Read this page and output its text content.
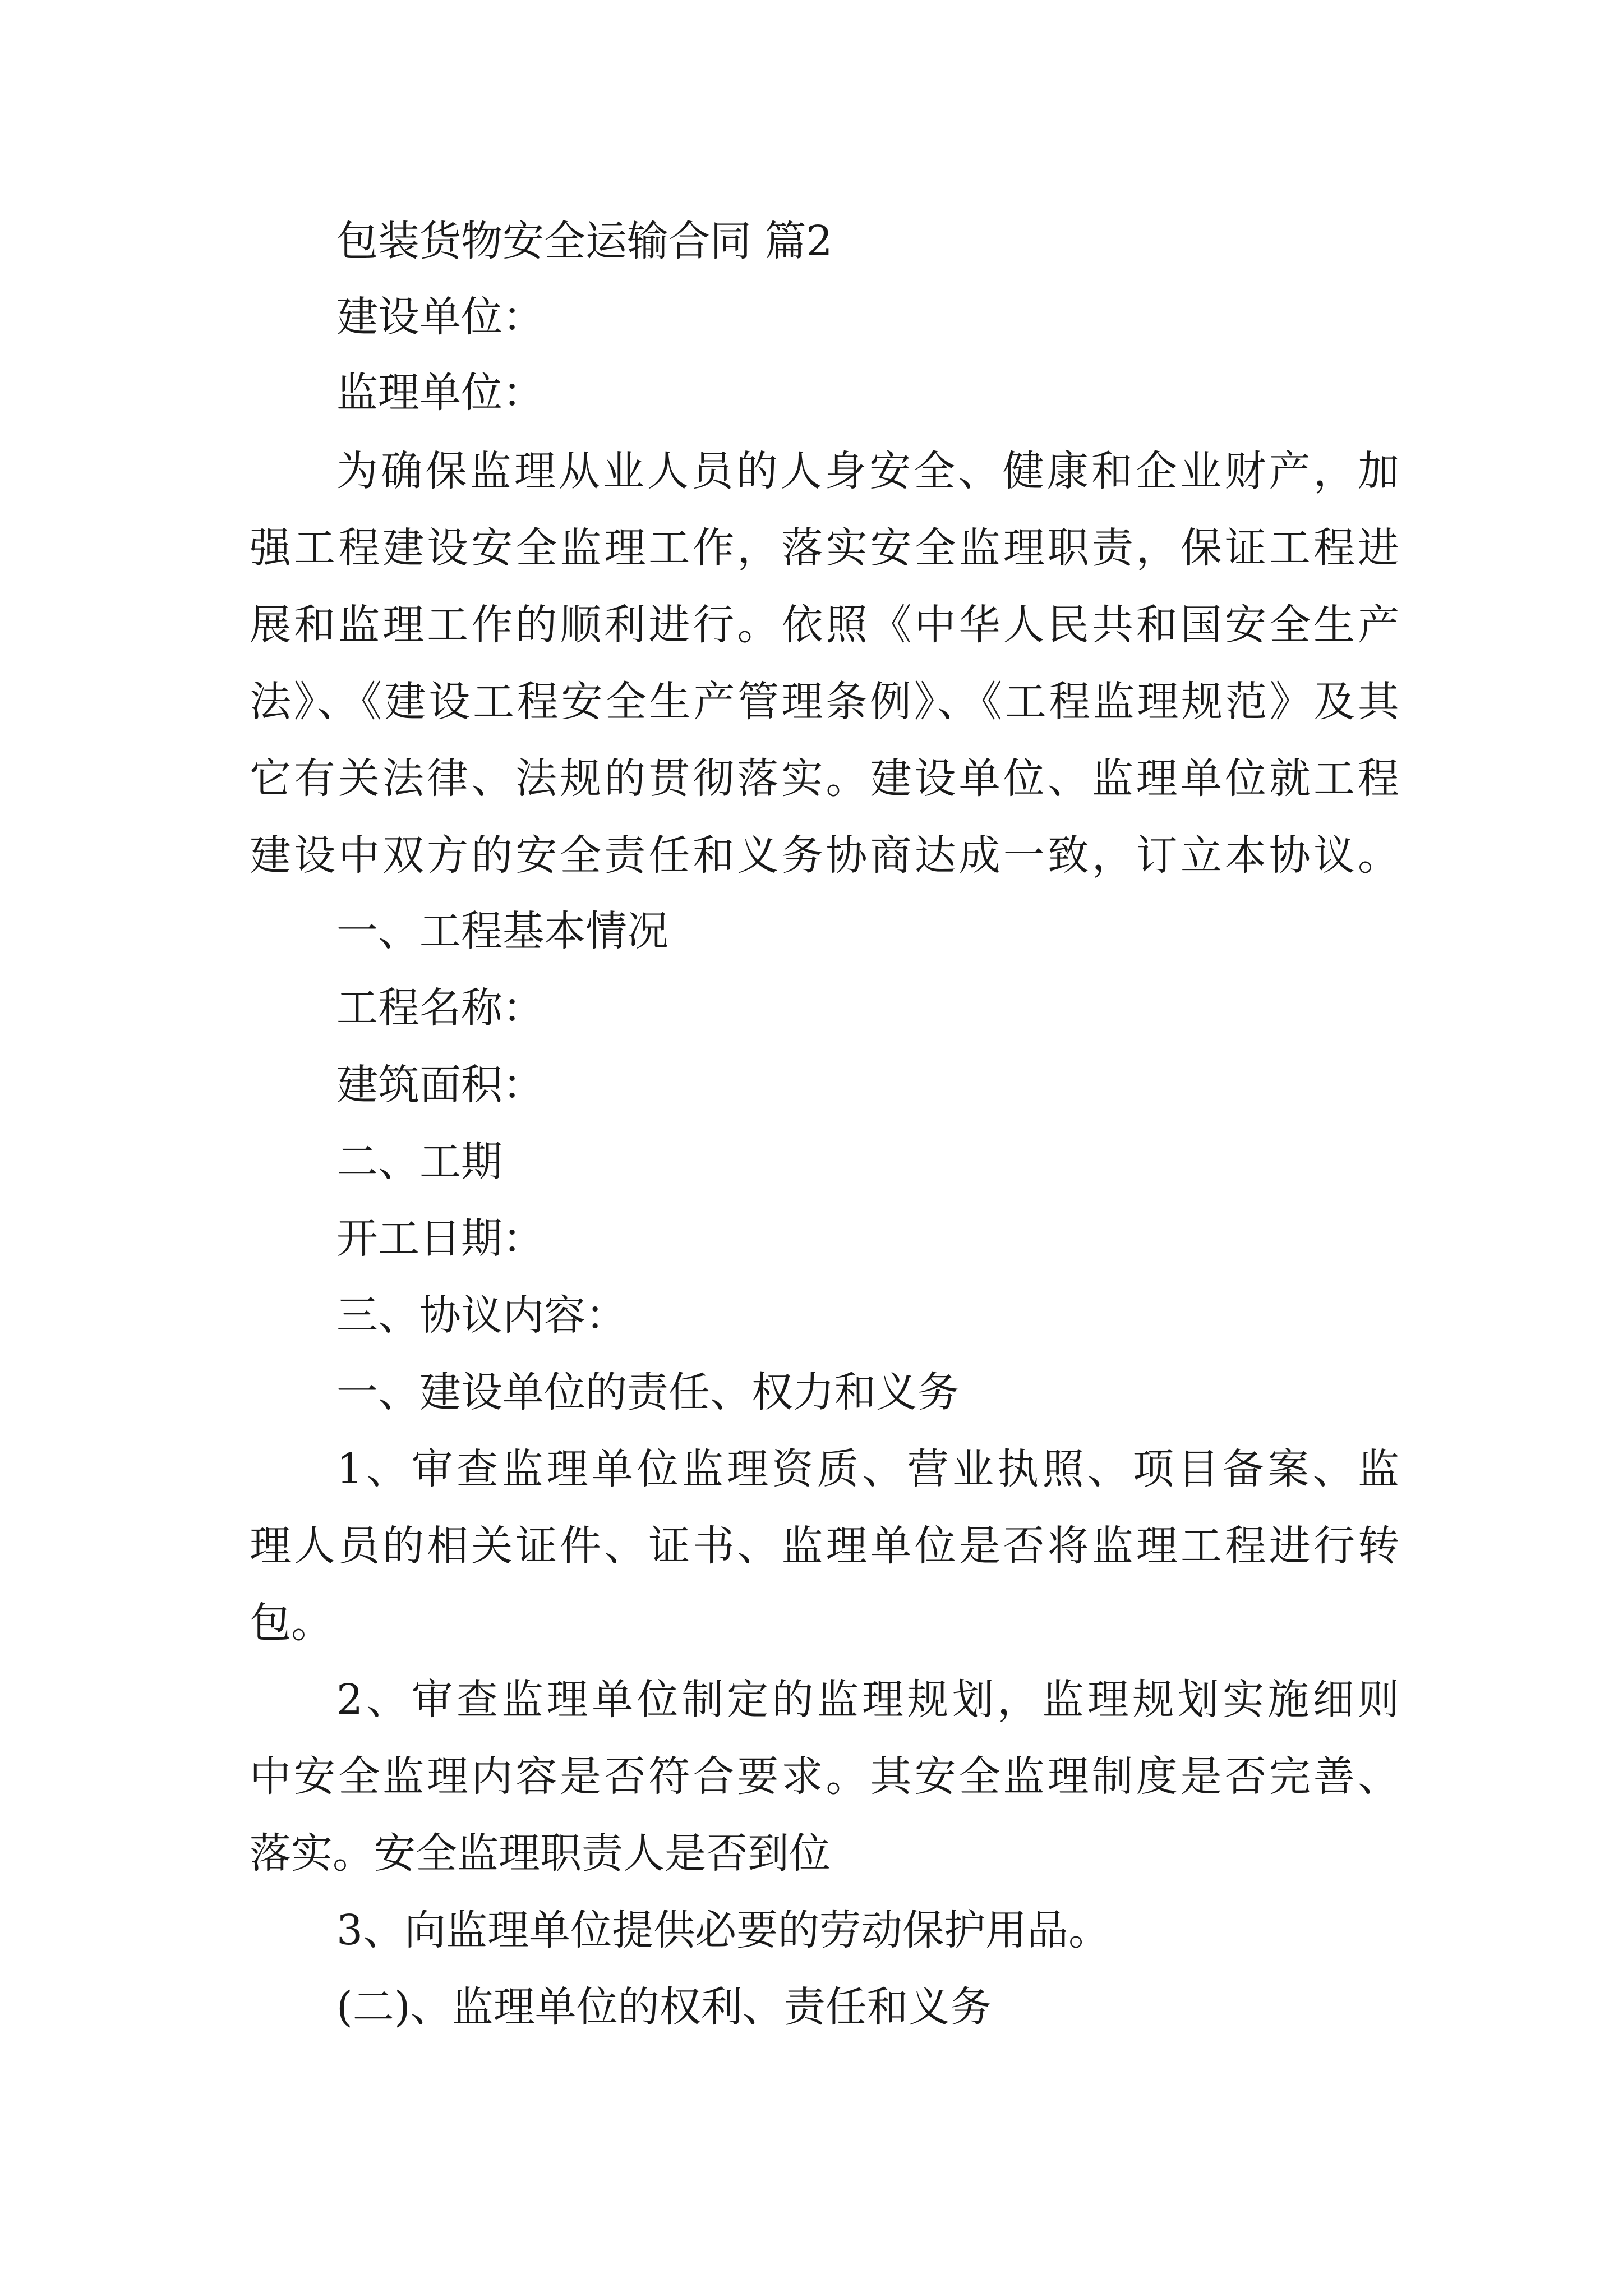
包装货物安全运输合同 篇2

建设单位：

监理单位：

为确保监理从业人员的人身安全、健康和企业财产，加

强工程建设安全监理工作，落实安全监理职责，保证工程进

展和监理工作的顺利进行。依照《中华人民共和国安全生产

法》、《建设工程安全生产管理条例》、《工程监理规范》及其

它有关法律、法规的贯彻落实。建设单位、监理单位就工程

建设中双方的安全责任和义务协商达成一致，订立本协议。

一、工程基本情况

工程名称：

建筑面积：

二、工期

开工日期：

三、协议内容：

一、建设单位的责任、权力和义务

1、审查监理单位监理资质、营业执照、项目备案、监

理人员的相关证件、证书、监理单位是否将监理工程进行转

包。

2、审查监理单位制定的监理规划，监理规划实施细则

中安全监理内容是否符合要求。其安全监理制度是否完善、

落实。安全监理职责人是否到位

3、向监理单位提供必要的劳动保护用品。

(二)、监理单位的权利、责任和义务
